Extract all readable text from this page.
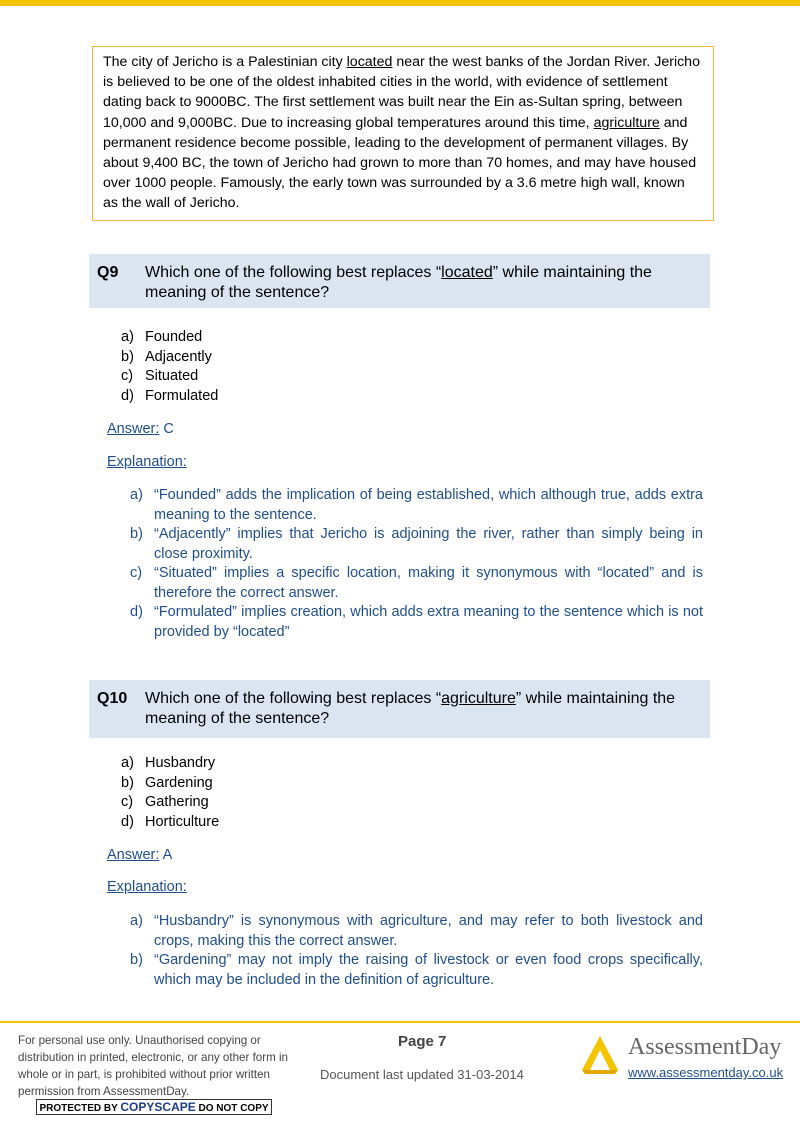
The city of Jericho is a Palestinian city located near the west banks of the Jordan River. Jericho is believed to be one of the oldest inhabited cities in the world, with evidence of settlement dating back to 9000BC. The first settlement was built near the Ein as-Sultan spring, between 10,000 and 9,000BC. Due to increasing global temperatures around this time, agriculture and permanent residence become possible, leading to the development of permanent villages. By about 9,400 BC, the town of Jericho had grown to more than 70 homes, and may have housed over 1000 people. Famously, the early town was surrounded by a 3.6 metre high wall, known as the wall of Jericho.
Q9 Which one of the following best replaces “located” while maintaining the meaning of the sentence?
a) Founded
b) Adjacently
c) Situated
d) Formulated
Answer: C
Explanation:
a) “Founded” adds the implication of being established, which although true, adds extra meaning to the sentence.
b) “Adjacently” implies that Jericho is adjoining the river, rather than simply being in close proximity.
c) “Situated” implies a specific location, making it synonymous with “located” and is therefore the correct answer.
d) “Formulated” implies creation, which adds extra meaning to the sentence which is not provided by “located”
Q10 Which one of the following best replaces “agriculture” while maintaining the meaning of the sentence?
a) Husbandry
b) Gardening
c) Gathering
d) Horticulture
Answer: A
Explanation:
a) “Husbandry” is synonymous with agriculture, and may refer to both livestock and crops, making this the correct answer.
b) “Gardening” may not imply the raising of livestock or even food crops specifically, which may be included in the definition of agriculture.
For personal use only. Unauthorised copying or distribution in printed, electronic, or any other form in whole or in part, is prohibited without prior written permission from AssessmentDay.
PROTECTED BY COPYSCAPE DO NOT COPY
Page 7
Document last updated 31-03-2014
AssessmentDay
www.assessmentday.co.uk
